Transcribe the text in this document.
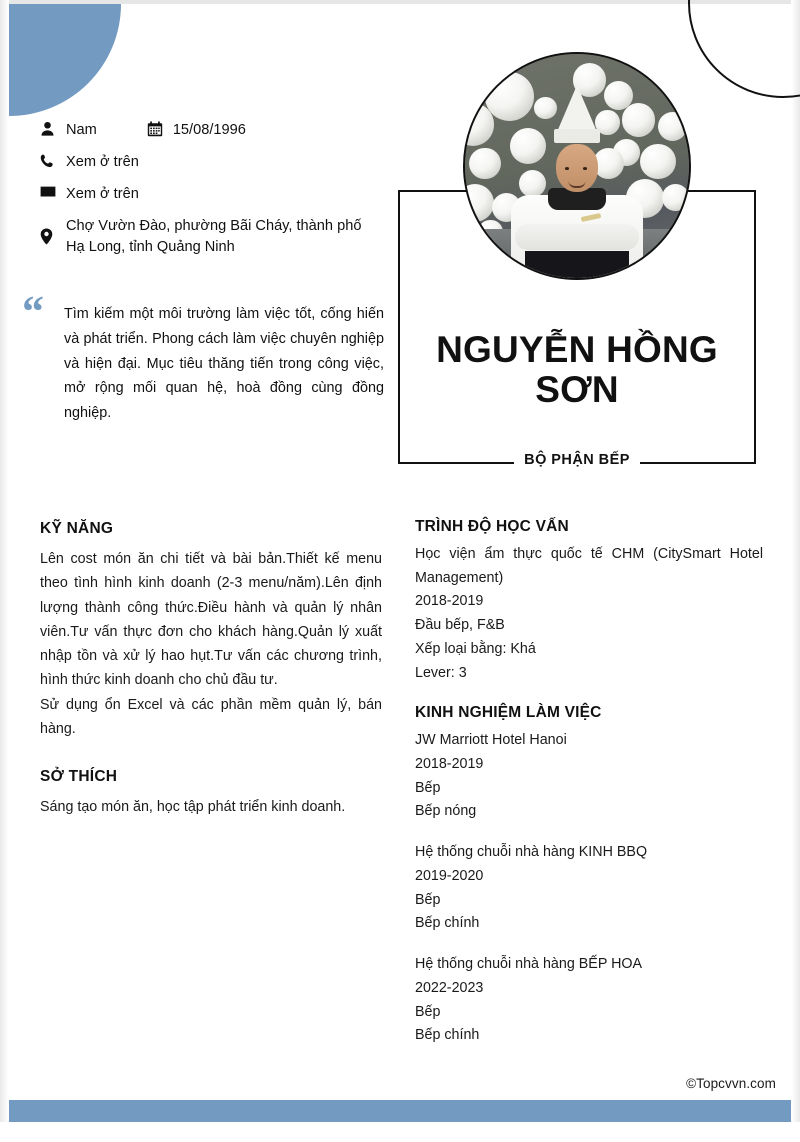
Nam	15/08/1996
Xem ở trên
Xem ở trên
Chợ Vườn Đào, phường Bãi Cháy, thành phố Hạ Long, tỉnh Quảng Ninh
“	Tìm kiếm một môi trường làm việc tốt, cống hiến và phát triển. Phong cách làm việc chuyên nghiệp và hiện đại. Mục tiêu thăng tiến trong công việc, mở rộng mối quan hệ, hoà đồng cùng đồng nghiệp.
NGUYỄN HỒNG SƠN
BỘ PHẬN BẾP
KỸ NĂNG

Lên cost món ăn chi tiết và bài bản.Thiết kế menu theo tình hình kinh doanh (2-3 menu/năm).Lên định lượng thành công thức.Điều hành và quản lý nhân viên.Tư vấn thực đơn cho khách hàng.Quản lý xuất nhập tồn và xử lý hao hụt.Tư vấn các chương trình, hình thức kinh doanh cho chủ đầu tư.

Sử dụng ổn Excel và các phần mềm quản lý, bán hàng.

SỞ THÍCH

Sáng tạo món ăn, học tập phát triển kinh doanh.

TRÌNH ĐỘ HỌC VẤN
Học viện ẩm thực quốc tế CHM (CitySmart Hotel Management)
2018-2019
Đầu bếp, F&B
Xếp loại bằng: Khá
Lever: 3
KINH NGHIỆM LÀM VIỆC
JW Marriott Hotel Hanoi
2018-2019
Bếp
Bếp nóng
Hệ thống chuỗi nhà hàng KINH BBQ
2019-2020
Bếp
Bếp chính
Hệ thống chuỗi nhà hàng BẾP HOA
2022-2023
Bếp
Bếp chính
©Topcvvn.com
